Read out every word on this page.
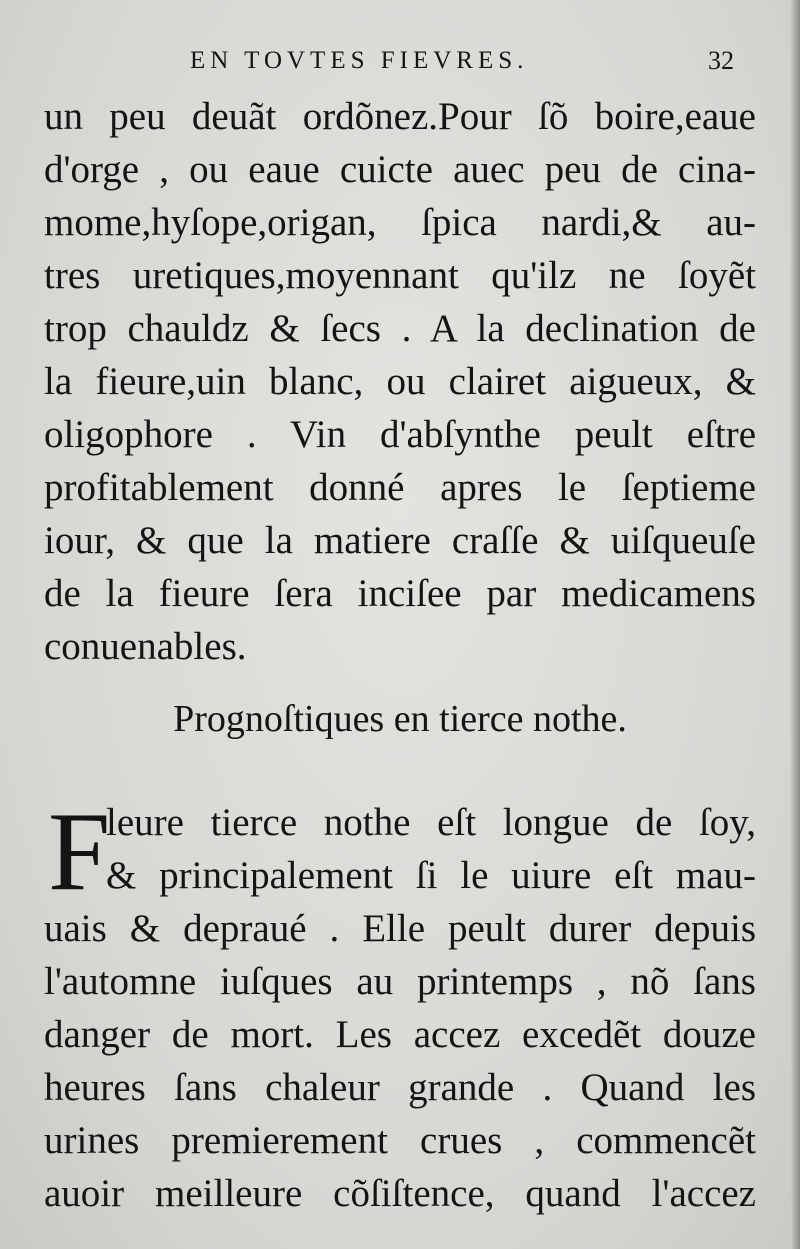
EN TOVTES FIEVRES.	32
un peu deuãt ordõnez.Pour ſõ boire,eaue
d'orge , ou eaue cuicte auec peu de cina-
mome,hyſope,origan, ſpica nardi,& au-
tres uretiques,moyennant qu'ilz ne ſoyẽt
trop chauldz & ſecs . A la declination de
la fieure,uin blanc, ou clairet aigueux, &
oligophore . Vin d'abſynthe peult eſtre
profitablement donné apres le ſeptieme
iour, & que la matiere craſſe & uiſqueuſe
de la fieure ſera inciſee par medicamens
conuenables.
Prognoſtiques en tierce nothe.
F
leure tierce nothe eſt longue de ſoy,
& principalement ſi le uiure eſt mau-
uais & depraué . Elle peult durer depuis
l'automne iuſques au printemps , nõ ſans
danger de mort. Les accez excedẽt douze
heures ſans chaleur grande . Quand les
urines premierement crues , commencẽt
auoir meilleure cõſiſtence, quand l'accez
